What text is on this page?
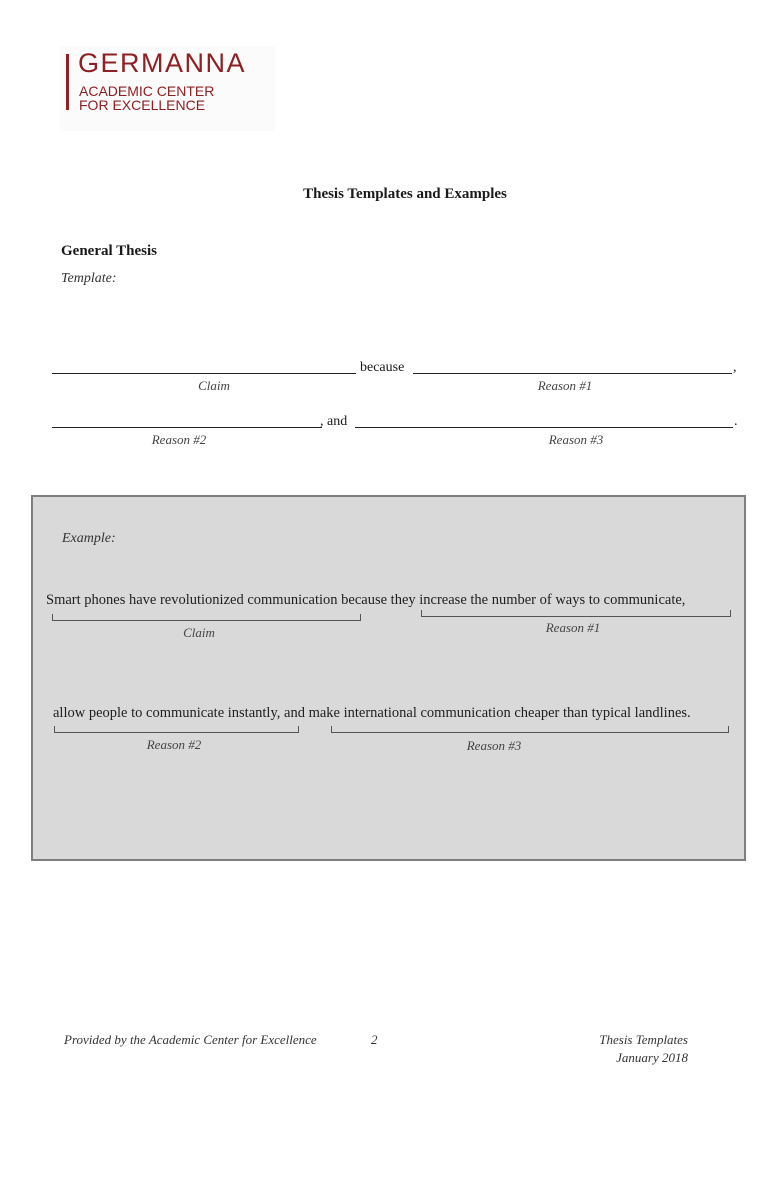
GERMANNA
ACADEMIC CENTER
FOR EXCELLENCE
Thesis Templates and Examples
General Thesis
Template:
because	,
Claim	Reason #1
, and	.
Reason #2	Reason #3
Example:
Smart phones have revolutionized communication because they increase the number of ways to communicate,
Claim	Reason #1
allow people to communicate instantly, and make international communication cheaper than typical landlines.
Reason #2	Reason #3
Provided by the Academic Center for Excellence	2	Thesis Templates
January 2018
